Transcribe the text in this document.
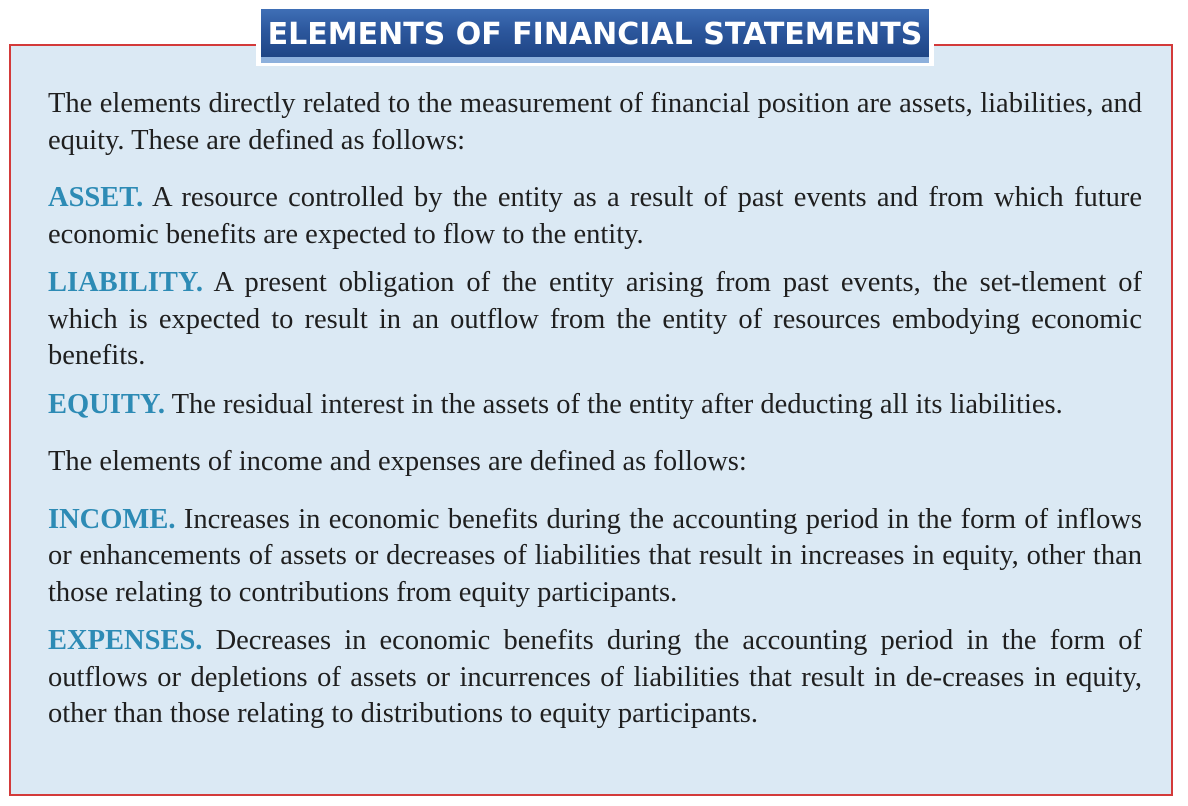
ELEMENTS OF FINANCIAL STATEMENTS

The elements directly related to the measurement of financial position are assets, liabilities, and equity. These are defined as follows:

ASSET. A resource controlled by the entity as a result of past events and from which future economic benefits are expected to flow to the entity.

LIABILITY. A present obligation of the entity arising from past events, the set-tlement of which is expected to result in an outflow from the entity of resources embodying economic benefits.

EQUITY. The residual interest in the assets of the entity after deducting all its liabilities.

The elements of income and expenses are defined as follows:

INCOME. Increases in economic benefits during the accounting period in the form of inflows or enhancements of assets or decreases of liabilities that result in increases in equity, other than those relating to contributions from equity participants.

EXPENSES. Decreases in economic benefits during the accounting period in the form of outflows or depletions of assets or incurrences of liabilities that result in de-creases in equity, other than those relating to distributions to equity participants.
